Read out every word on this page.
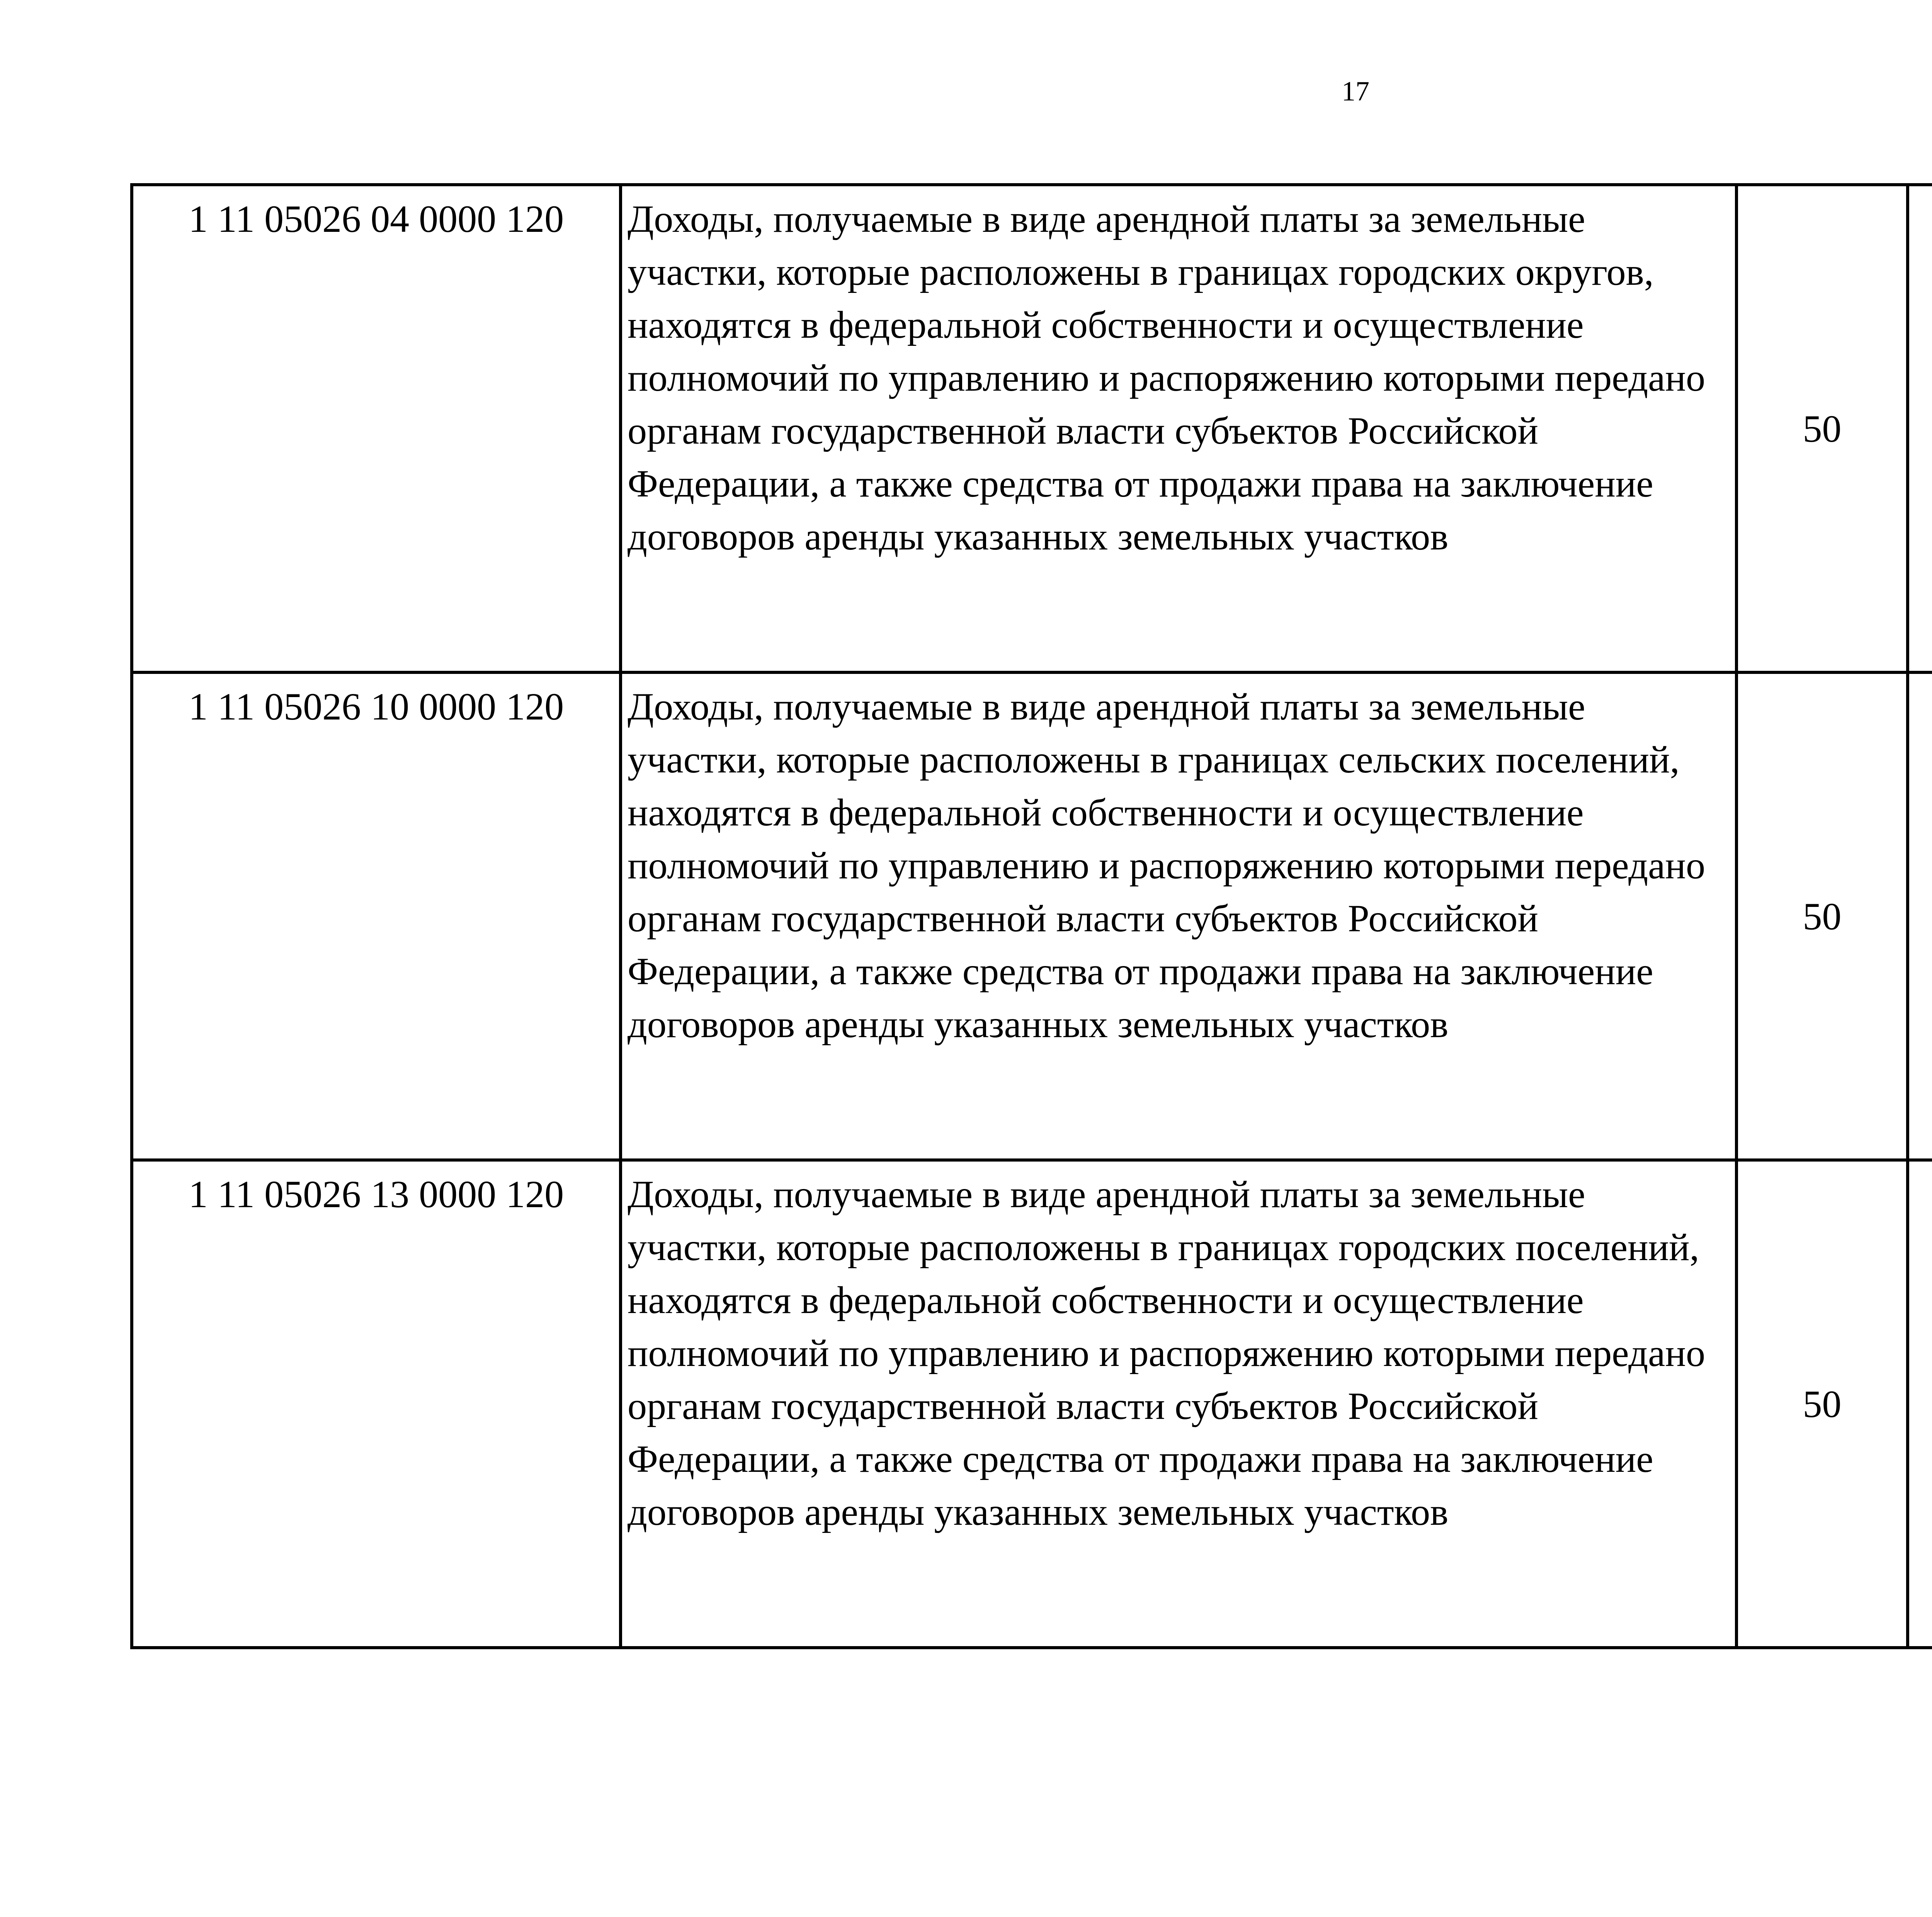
17
1 11 05026 04 0000 120	Доходы, получаемые в виде арендной платы за земельные участки, которые расположены в границах городских округов, находятся в федеральной собственности и осуществление полномочий по управлению и распоряжению которыми передано органам государственной власти субъектов Российской Федерации, а также средства от продажи права на заключение договоров аренды указанных земельных участков	50				
1 11 05026 10 0000 120	Доходы, получаемые в виде арендной платы за земельные участки, которые расположены в границах сельских поселений, находятся в федеральной собственности и осуществление полномочий по управлению и распоряжению которыми передано органам государственной власти субъектов Российской Федерации, а также средства от продажи права на заключение договоров аренды указанных земельных участков	50				
1 11 05026 13 0000 120	Доходы, получаемые в виде арендной платы за земельные участки, которые расположены в границах городских поселений, находятся в федеральной собственности и осуществление полномочий по управлению и распоряжению которыми передано органам государственной власти субъектов Российской Федерации, а также средства от продажи права на заключение договоров аренды указанных земельных участков	50				
